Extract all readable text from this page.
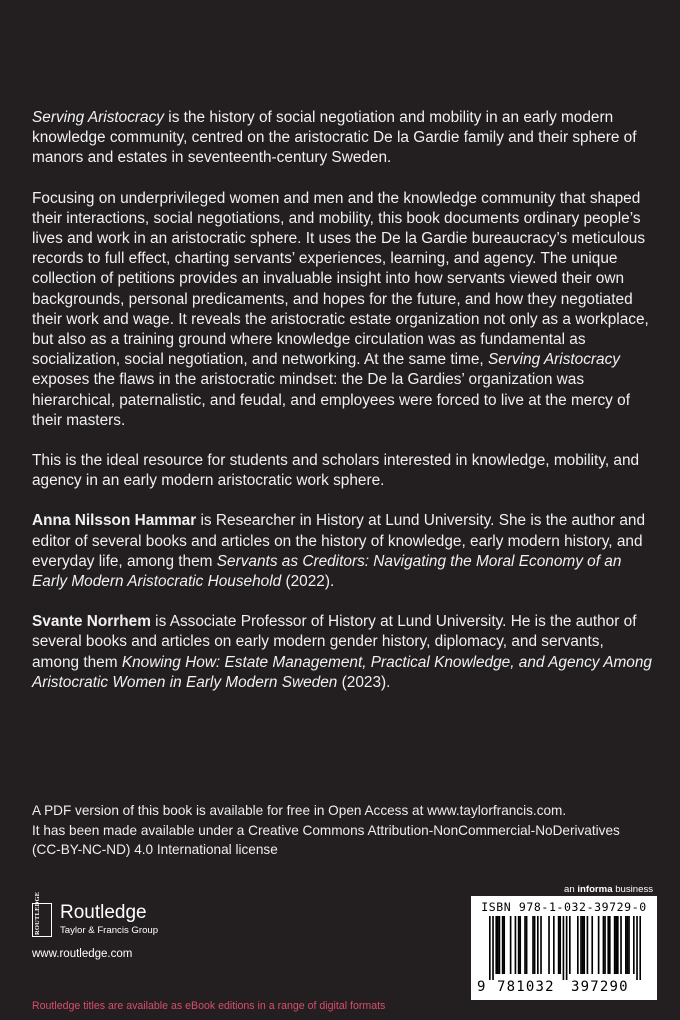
Serving Aristocracy is the history of social negotiation and mobility in an early modern knowledge community, centred on the aristocratic De la Gardie family and their sphere of manors and estates in seventeenth-century Sweden.

Focusing on underprivileged women and men and the knowledge community that shaped their interactions, social negotiations, and mobility, this book documents ordinary people’s lives and work in an aristocratic sphere. It uses the De la Gardie bureaucracy’s meticulous records to full effect, charting servants’ experiences, learning, and agency. The unique collection of petitions provides an invaluable insight into how servants viewed their own backgrounds, personal predicaments, and hopes for the future, and how they negotiated their work and wage. It reveals the aristocratic estate organization not only as a workplace, but also as a training ground where knowledge circulation was as fundamental as socialization, social negotiation, and networking. At the same time, Serving Aristocracy exposes the flaws in the aristocratic mindset: the De la Gardies’ organization was hierarchical, paternalistic, and feudal, and employees were forced to live at the mercy of their masters.

This is the ideal resource for students and scholars interested in knowledge, mobility, and agency in an early modern aristocratic work sphere.

Anna Nilsson Hammar is Researcher in History at Lund University. She is the author and editor of several books and articles on the history of knowledge, early modern history, and everyday life, among them Servants as Creditors: Navigating the Moral Economy of an Early Modern Aristocratic Household (2022).

Svante Norrhem is Associate Professor of History at Lund University. He is the author of several books and articles on early modern gender history, diplomacy, and servants, among them Knowing How: Estate Management, Practical Knowledge, and Agency Among Aristocratic Women in Early Modern Sweden (2023).

A PDF version of this book is available for free in Open Access at www.taylorfrancis.com.
It has been made available under a Creative Commons Attribution-NonCommercial-NoDerivatives
(CC-BY-NC-ND) 4.0 International license
ROUTLEDGE Routledge
Taylor & Francis Group
www.routledge.com
Routledge titles are available as eBook editions in a range of digital formats
an informa business
ISBN 978-1-032-39729-0
9 781032 397290
